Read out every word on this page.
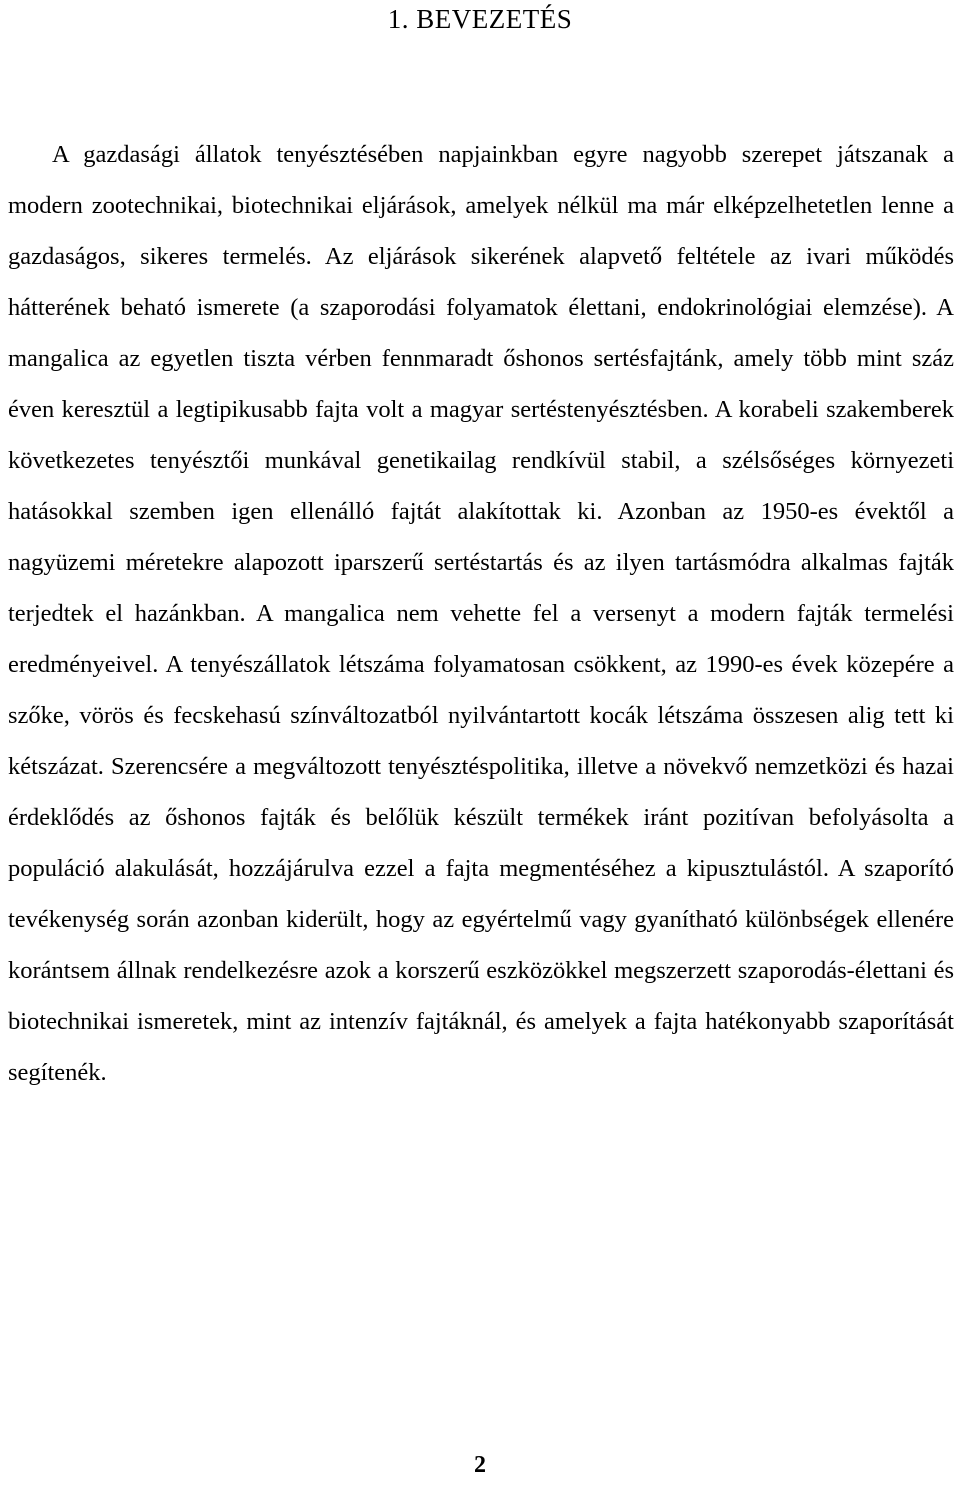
1. BEVEZETÉS

A gazdasági állatok tenyésztésében napjainkban egyre nagyobb szerepet játszanak a modern zootechnikai, biotechnikai eljárások, amelyek nélkül ma már elképzelhetetlen lenne a gazdaságos, sikeres termelés. Az eljárások sikerének alapvető feltétele az ivari működés hátterének beható ismerete (a szaporodási folyamatok élettani, endokrinológiai elemzése). A mangalica az egyetlen tiszta vérben fennmaradt őshonos sertésfajtánk, amely több mint száz éven keresztül a legtipikusabb fajta volt a magyar sertéstenyésztésben. A korabeli szakemberek következetes tenyésztői munkával genetikailag rendkívül stabil, a szélsőséges környezeti hatásokkal szemben igen ellenálló fajtát alakítottak ki. Azonban az 1950-es évektől a nagyüzemi méretekre alapozott iparszerű sertéstartás és az ilyen tartásmódra alkalmas fajták terjedtek el hazánkban. A mangalica nem vehette fel a versenyt a modern fajták termelési eredményeivel. A tenyészállatok létszáma folyamatosan csökkent, az 1990-es évek közepére a szőke, vörös és fecskehasú színváltozatból nyilvántartott kocák létszáma összesen alig tett ki kétszázat. Szerencsére a megváltozott tenyésztéspolitika, illetve a növekvő nemzetközi és hazai érdeklődés az őshonos fajták és belőlük készült termékek iránt pozitívan befolyásolta a populáció alakulását, hozzájárulva ezzel a fajta megmentéséhez a kipusztulástól. A szaporító tevékenység során azonban kiderült, hogy az egyértelmű vagy gyanítható különbségek ellenére korántsem állnak rendelkezésre azok a korszerű eszközökkel megszerzett szaporodás-élettani és biotechnikai ismeretek, mint az intenzív fajtáknál, és amelyek a fajta hatékonyabb szaporítását segítenék.

2
